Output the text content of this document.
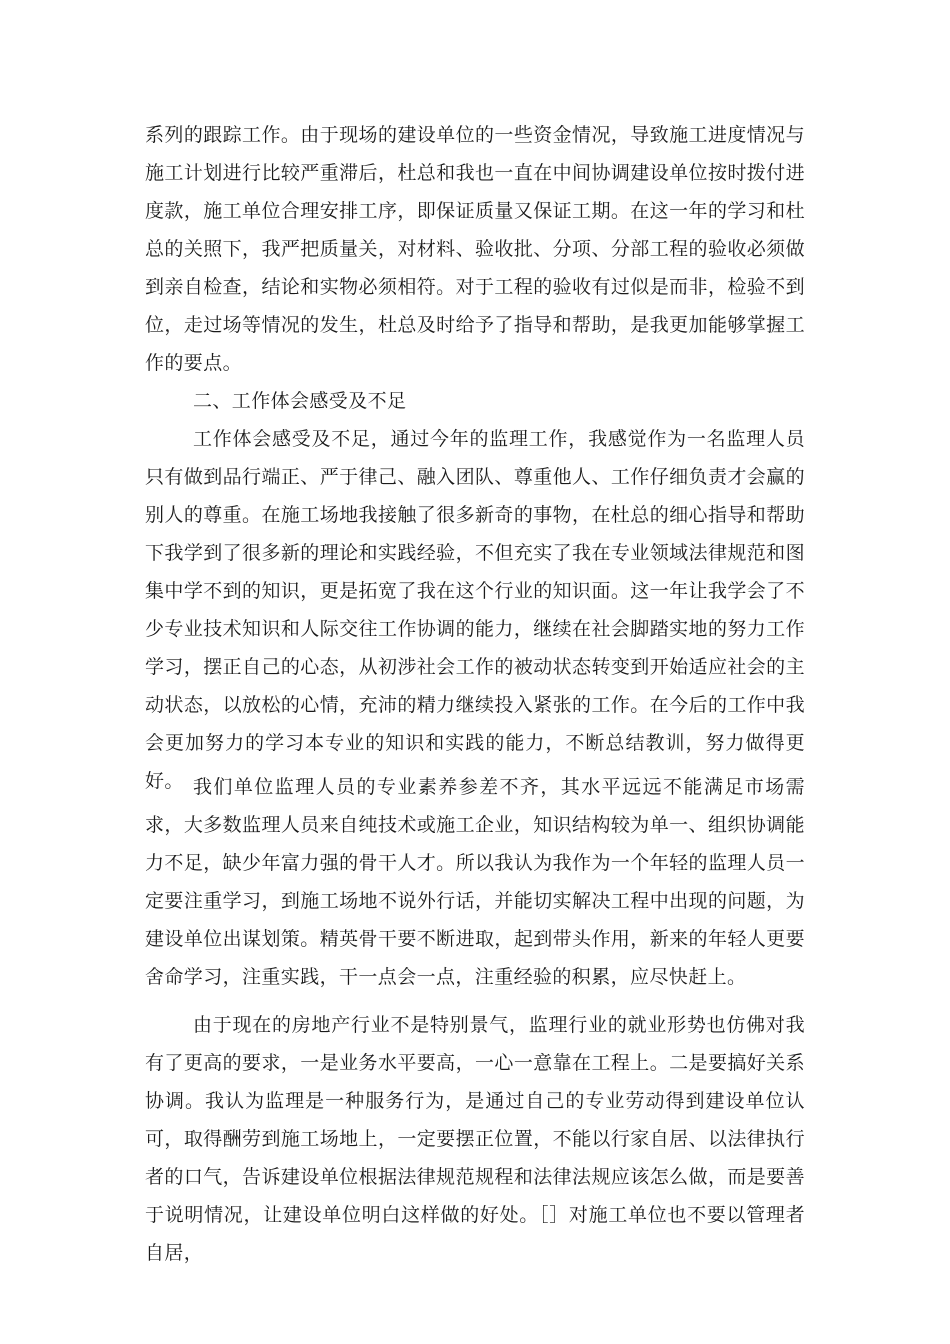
系列的跟踪工作。由于现场的建设单位的一些资金情况，导致施工进度情况与施工计划进行比较严重滞后，杜总和我也一直在中间协调建设单位按时拨付进度款，施工单位合理安排工序，即保证质量又保证工期。在这一年的学习和杜总的关照下，我严把质量关，对材料、验收批、分项、分部工程的验收必须做到亲自检查，结论和实物必须相符。对于工程的验收有过似是而非，检验不到位，走过场等情况的发生，杜总及时给予了指导和帮助，是我更加能够掌握工作的要点。

二、工作体会感受及不足

工作体会感受及不足，通过今年的监理工作，我感觉作为一名监理人员只有做到品行端正、严于律己、融入团队、尊重他人、工作仔细负责才会赢的别人的尊重。在施工场地我接触了很多新奇的事物，在杜总的细心指导和帮助下我学到了很多新的理论和实践经验，不但充实了我在专业领域法律规范和图集中学不到的知识，更是拓宽了我在这个行业的知识面。这一年让我学会了不少专业技术知识和人际交往工作协调的能力，继续在社会脚踏实地的努力工作学习，摆正自己的心态，从初涉社会工作的被动状态转变到开始适应社会的主动状态，以放松的心情，充沛的精力继续投入紧张的工作。在今后的工作中我会更加努力的学习本专业的知识和实践的能力，不断总结教训，努力做得更好。 我们单位监理人员的专业素养参差不齐，其水平远远不能满足市场需求，大多数监理人员来自纯技术或施工企业，知识结构较为单一、组织协调能力不足，缺少年富力强的骨干人才。所以我认为我作为一个年轻的监理人员一定要注重学习，到施工场地不说外行话，并能切实解决工程中出现的问题，为建设单位出谋划策。精英骨干要不断进取，起到带头作用，新来的年轻人更要舍命学习，注重实践，干一点会一点，注重经验的积累，应尽快赶上。

由于现在的房地产行业不是特别景气，监理行业的就业形势也仿佛对我有了更高的要求，一是业务水平要高，一心一意靠在工程上。二是要搞好关系协调。我认为监理是一种服务行为，是通过自己的专业劳动得到建设单位认可，取得酬劳到施工场地上，一定要摆正位置，不能以行家自居、以法律执行者的口气，告诉建设单位根据法律规范规程和法律法规应该怎么做，而是要善于说明情况，让建设单位明白这样做的好处。［］对施工单位也不要以管理者自居，
